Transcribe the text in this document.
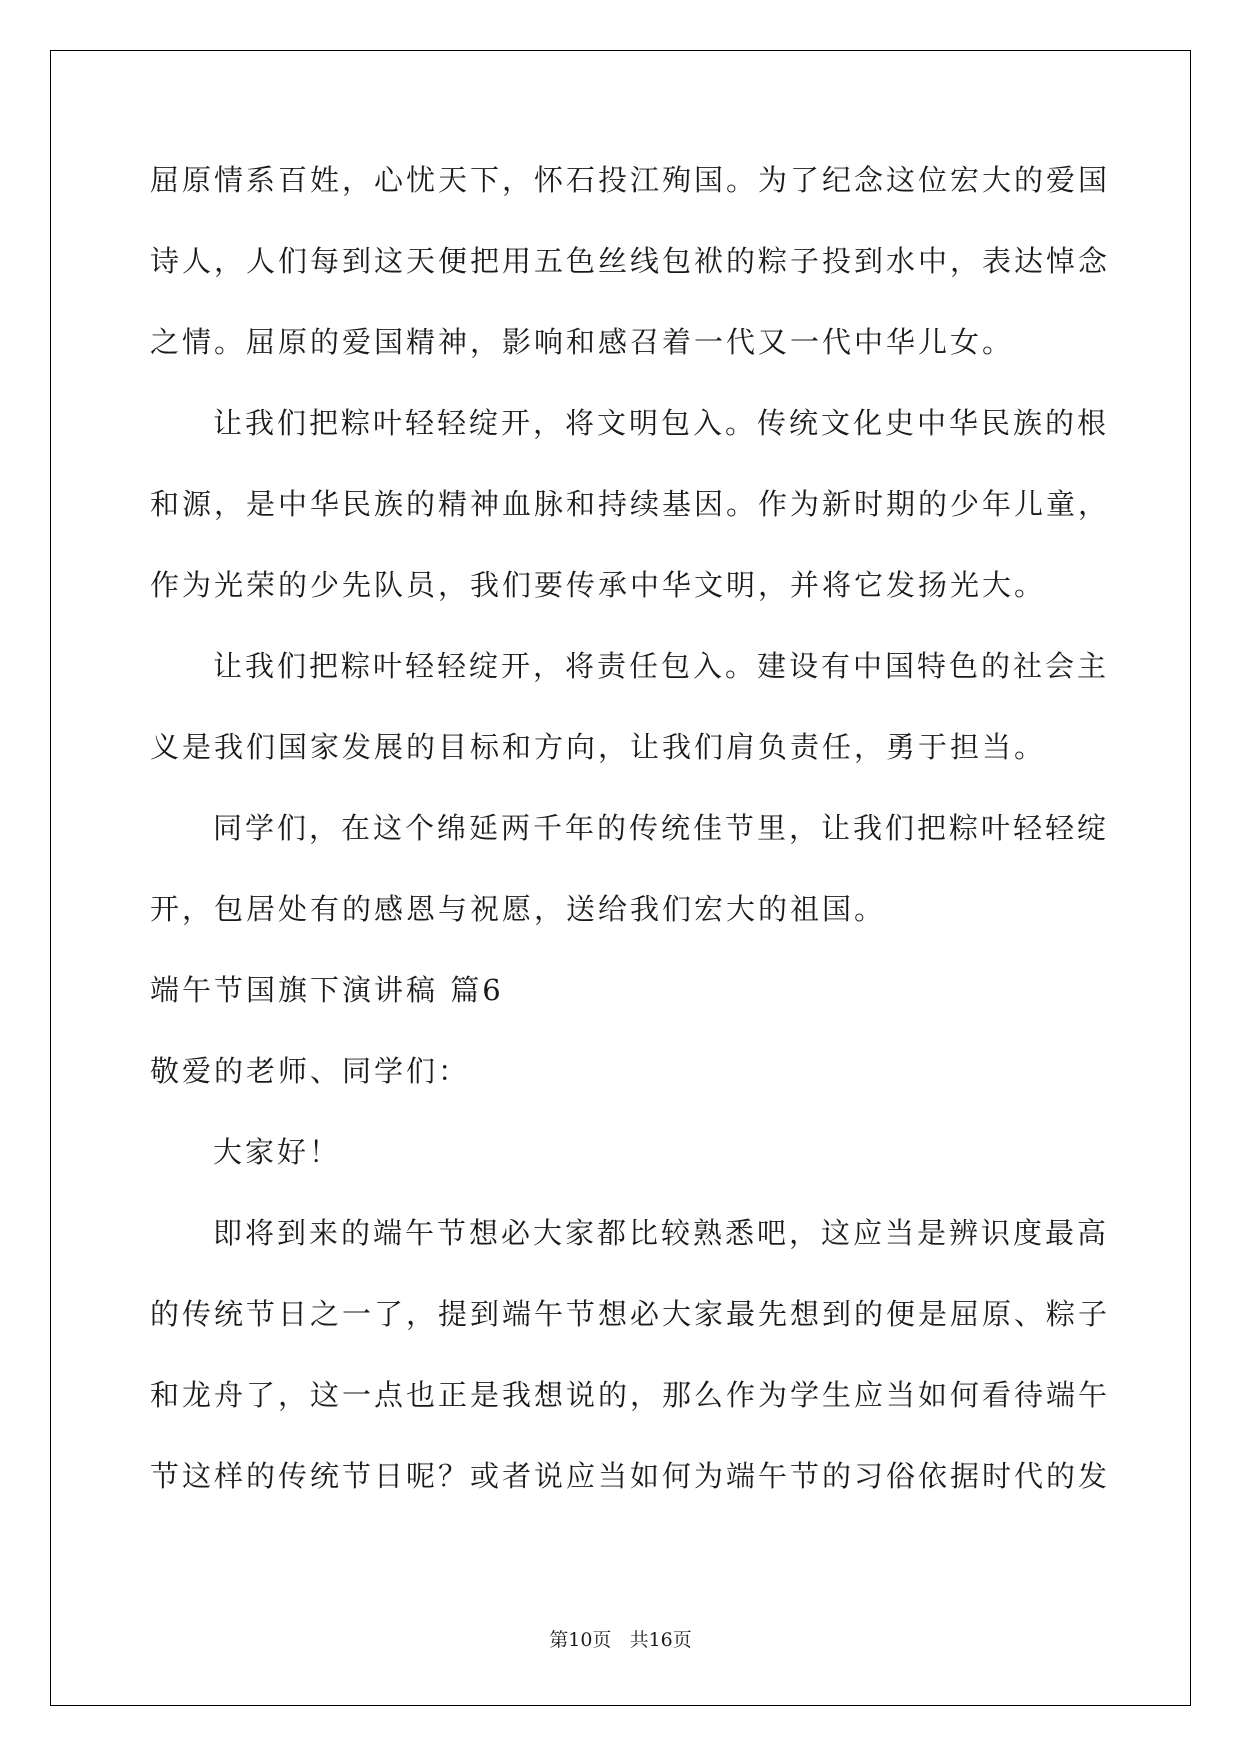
屈原情系百姓，心忧天下，怀石投江殉国。为了纪念这位宏大的爱国
诗人，人们每到这天便把用五色丝线包袱的粽子投到水中，表达悼念
之情。屈原的爱国精神，影响和感召着一代又一代中华儿女。
让我们把粽叶轻轻绽开，将文明包入。传统文化史中华民族的根
和源，是中华民族的精神血脉和持续基因。作为新时期的少年儿童，
作为光荣的少先队员，我们要传承中华文明，并将它发扬光大。
让我们把粽叶轻轻绽开，将责任包入。建设有中国特色的社会主
义是我们国家发展的目标和方向，让我们肩负责任，勇于担当。
同学们，在这个绵延两千年的传统佳节里，让我们把粽叶轻轻绽
开，包居处有的感恩与祝愿，送给我们宏大的祖国。
端午节国旗下演讲稿 篇6
敬爱的老师、同学们：
大家好！
即将到来的端午节想必大家都比较熟悉吧，这应当是辨识度最高
的传统节日之一了，提到端午节想必大家最先想到的便是屈原、粽子
和龙舟了，这一点也正是我想说的，那么作为学生应当如何看待端午
节这样的传统节日呢？或者说应当如何为端午节的习俗依据时代的发
第10页 共16页
